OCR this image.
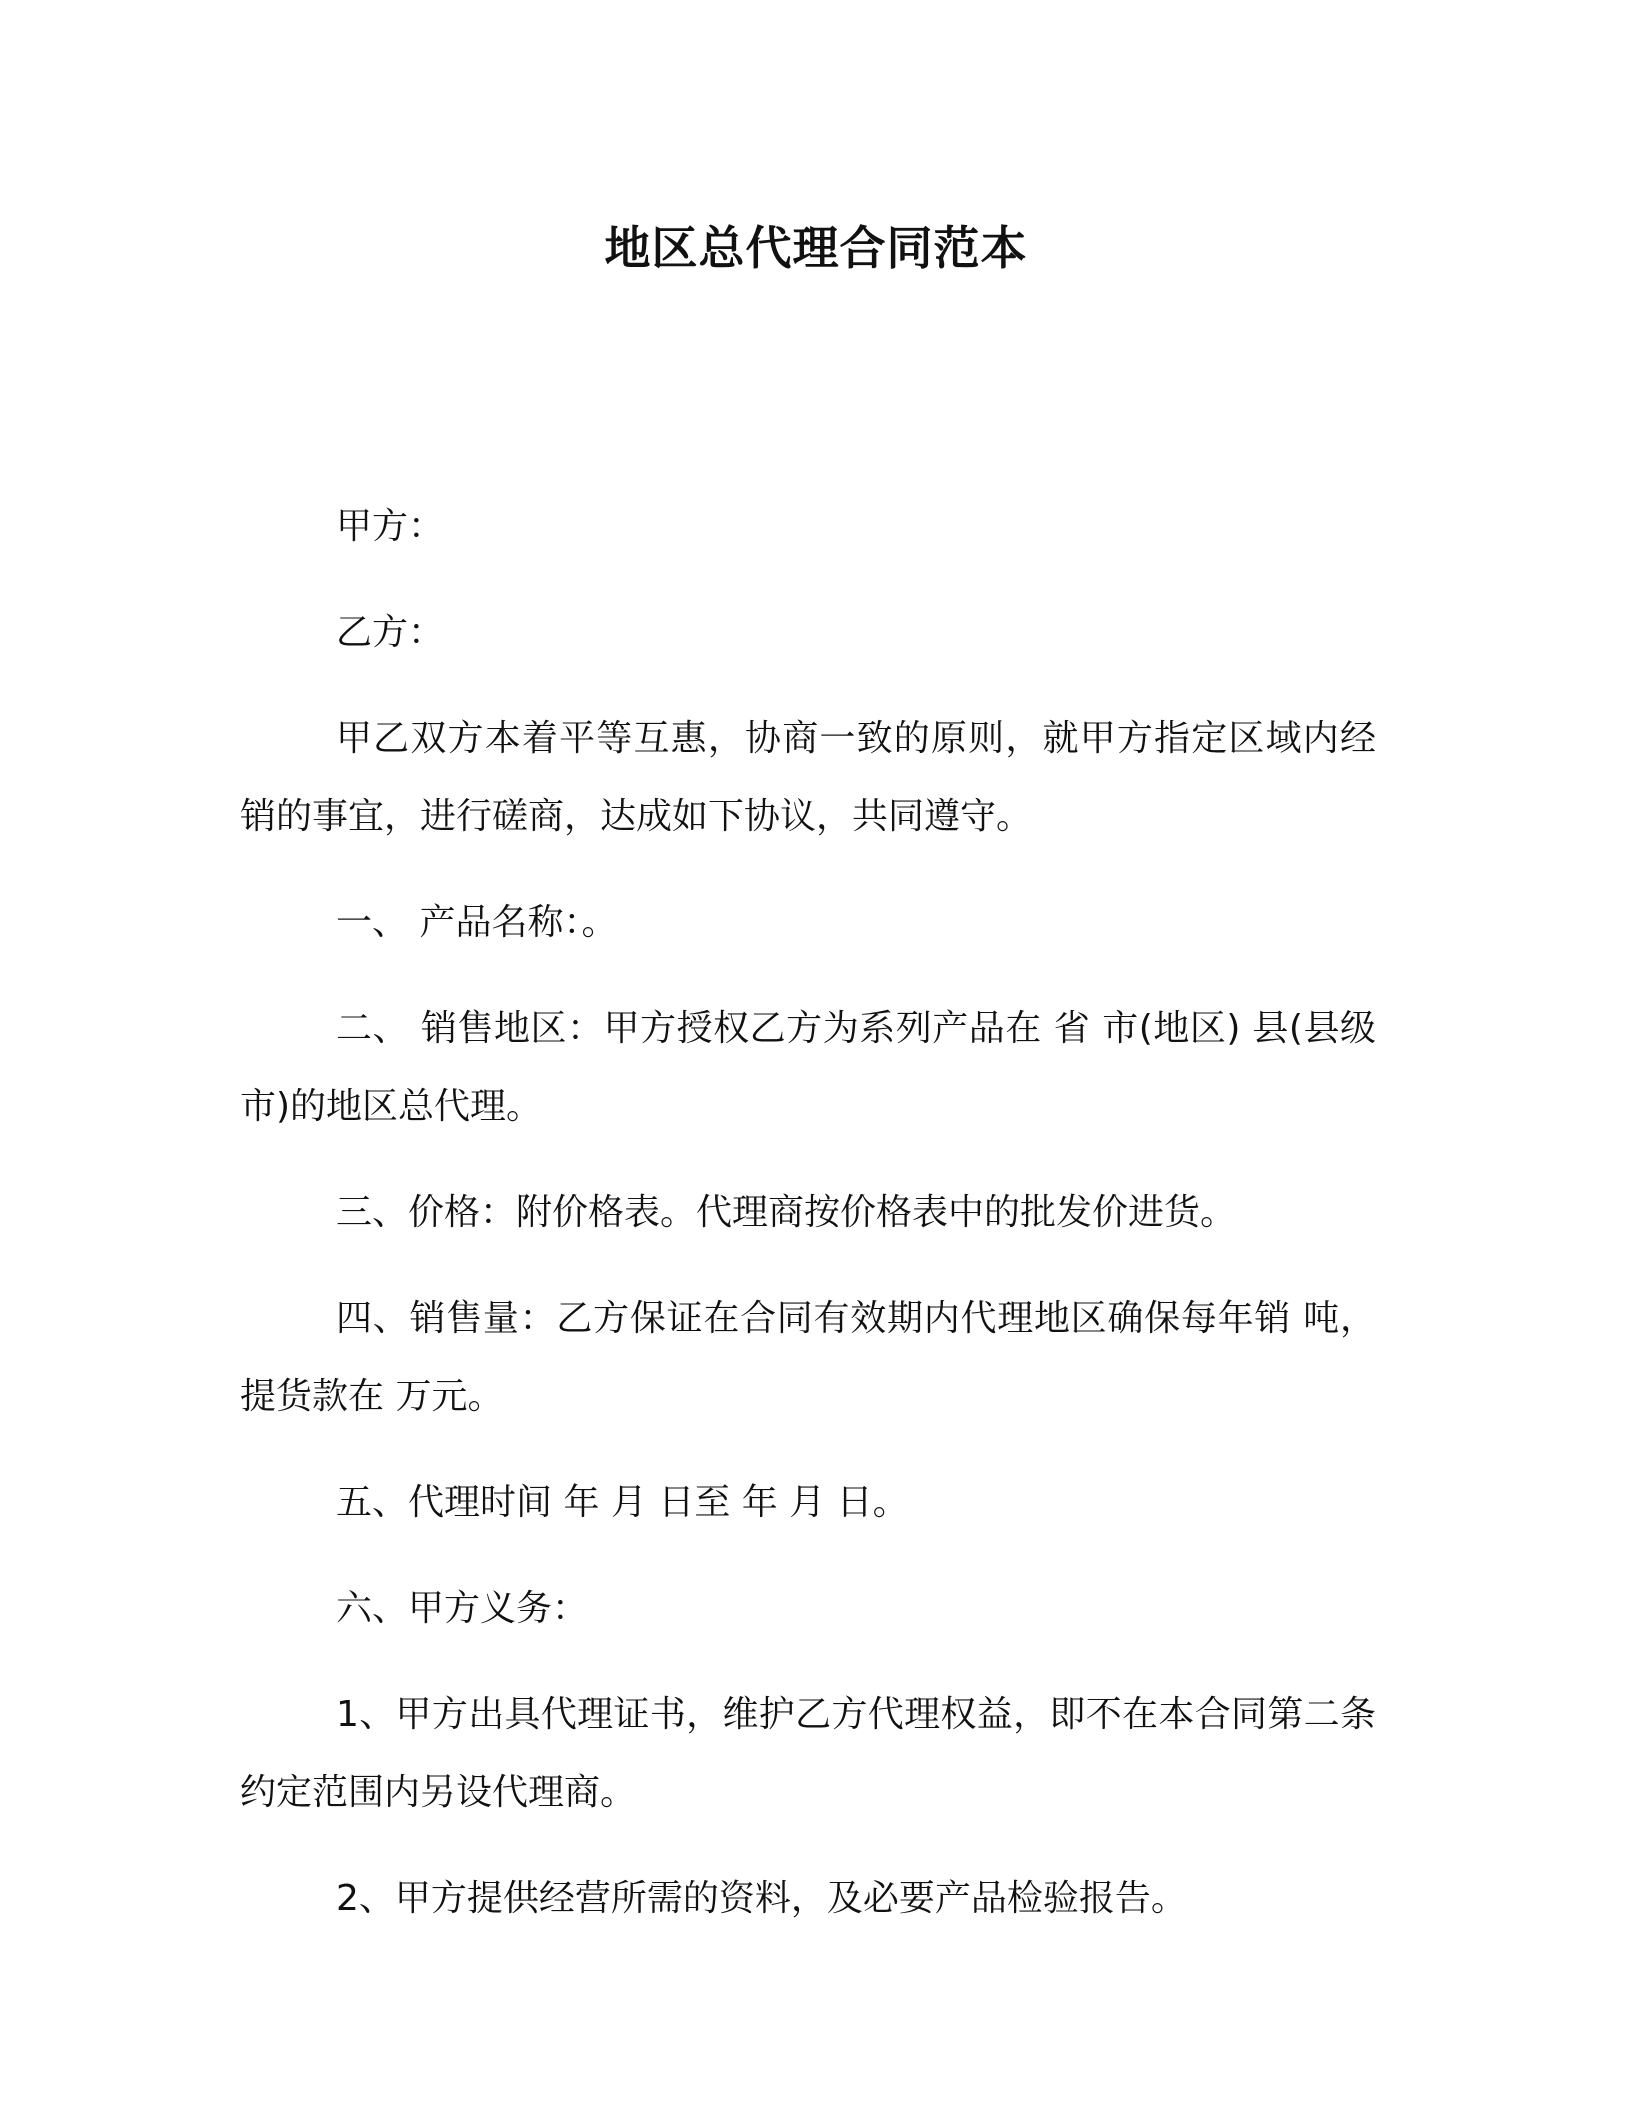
地区总代理合同范本

甲方：

乙方：

甲乙双方本着平等互惠，协商一致的原则，就甲方指定区域内经销的事宜，进行磋商，达成如下协议，共同遵守。

一、 产品名称：。

二、 销售地区：甲方授权乙方为系列产品在 省 市(地区) 县(县级市)的地区总代理。

三、价格：附价格表。代理商按价格表中的批发价进货。

四、销售量：乙方保证在合同有效期内代理地区确保每年销 吨，提货款在 万元。

五、代理时间 年 月 日至 年 月 日。

六、甲方义务：

1、甲方出具代理证书，维护乙方代理权益，即不在本合同第二条约定范围内另设代理商。

2、甲方提供经营所需的资料，及必要产品检验报告。
